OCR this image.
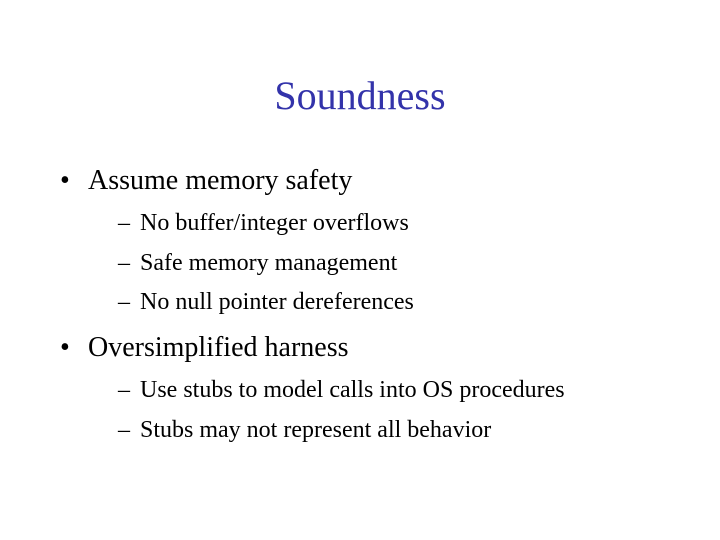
Soundness
• Assume memory safety
– No buffer/integer overflows
– Safe memory management
– No null pointer dereferences
• Oversimplified harness
– Use stubs to model calls into OS procedures
– Stubs may not represent all behavior
